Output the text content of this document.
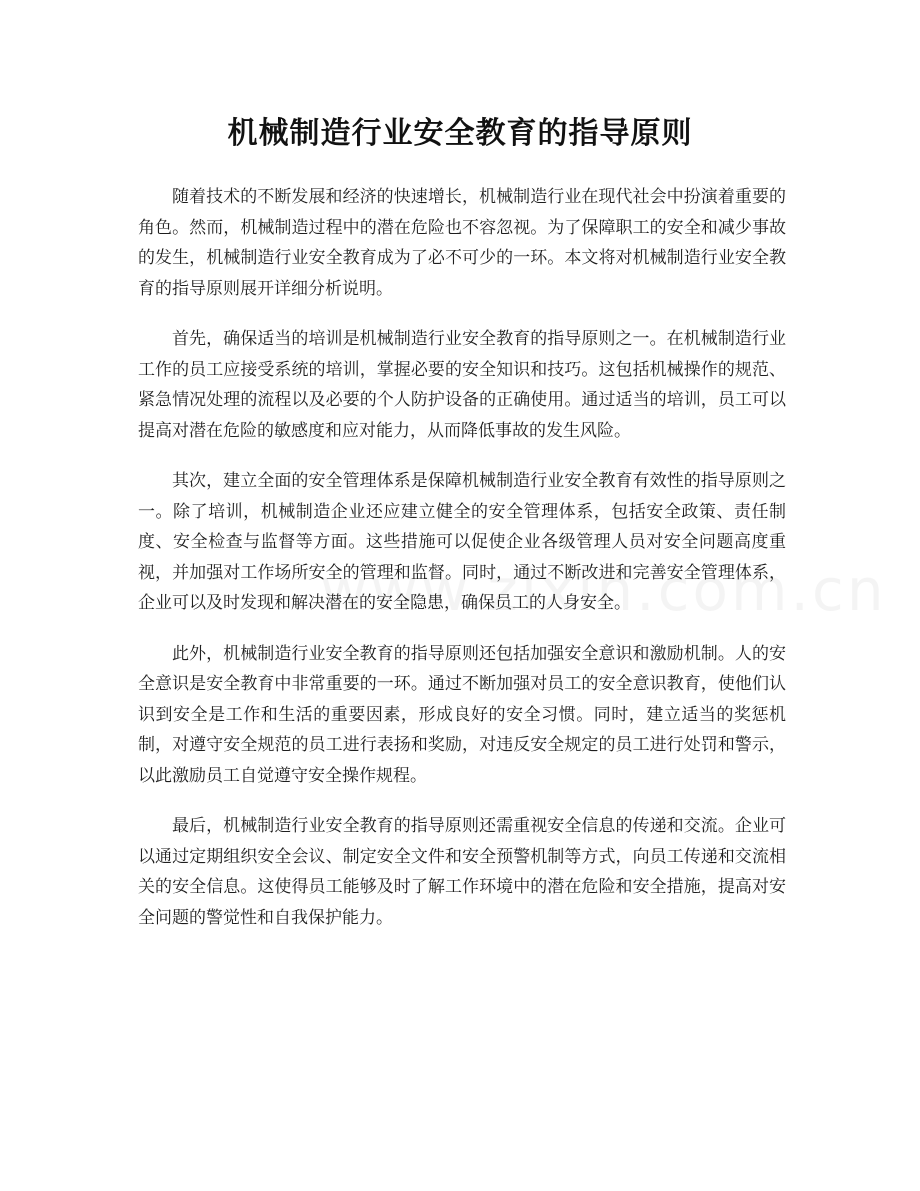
机械制造行业安全教育的指导原则

随着技术的不断发展和经济的快速增长，机械制造行业在现代社会中扮演着重要的角色。然而，机械制造过程中的潜在危险也不容忽视。为了保障职工的安全和减少事故的发生，机械制造行业安全教育成为了必不可少的一环。本文将对机械制造行业安全教育的指导原则展开详细分析说明。

首先，确保适当的培训是机械制造行业安全教育的指导原则之一。在机械制造行业工作的员工应接受系统的培训，掌握必要的安全知识和技巧。这包括机械操作的规范、紧急情况处理的流程以及必要的个人防护设备的正确使用。通过适当的培训，员工可以提高对潜在危险的敏感度和应对能力，从而降低事故的发生风险。

其次，建立全面的安全管理体系是保障机械制造行业安全教育有效性的指导原则之一。除了培训，机械制造企业还应建立健全的安全管理体系，包括安全政策、责任制度、安全检查与监督等方面。这些措施可以促使企业各级管理人员对安全问题高度重视，并加强对工作场所安全的管理和监督。同时，通过不断改进和完善安全管理体系，企业可以及时发现和解决潜在的安全隐患，确保员工的人身安全。

此外，机械制造行业安全教育的指导原则还包括加强安全意识和激励机制。人的安全意识是安全教育中非常重要的一环。通过不断加强对员工的安全意识教育，使他们认识到安全是工作和生活的重要因素，形成良好的安全习惯。同时，建立适当的奖惩机制，对遵守安全规范的员工进行表扬和奖励，对违反安全规定的员工进行处罚和警示，以此激励员工自觉遵守安全操作规程。

最后，机械制造行业安全教育的指导原则还需重视安全信息的传递和交流。企业可以通过定期组织安全会议、制定安全文件和安全预警机制等方式，向员工传递和交流相关的安全信息。这使得员工能够及时了解工作环境中的潜在危险和安全措施，提高对安全问题的警觉性和自我保护能力。
